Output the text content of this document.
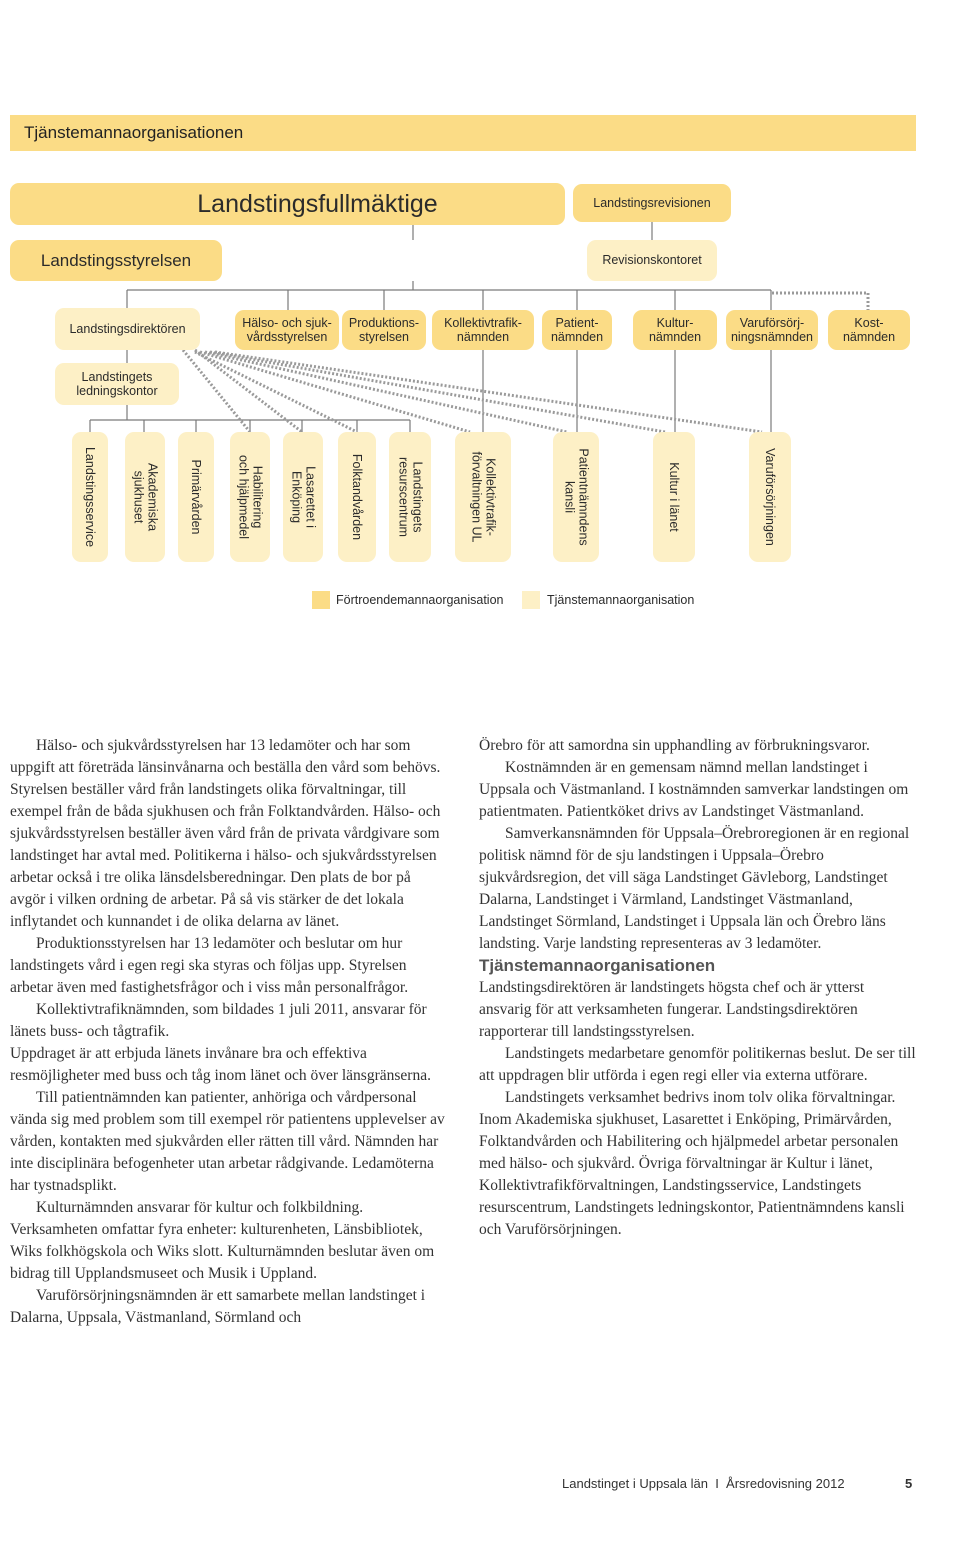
Tjänstemannaorganisationen
Landstingsfullmäktige	Landstingsrevisionen
Landstingsstyrelsen	Revisionskontoret
Landstingsdirektören	Hälso- och sjuk-
vårdsstyrelsen
Produktions-
styrelsen
Kollektivtrafik-
nämnden
Patient-
nämnden
Kultur-
nämnden
Varuförsörj-
ningsnämnden
Kost-
nämnden
Landstingets
ledningskontor
Landstingsservice	Akademiska
sjukhuset	Primärvården	Habilitering
och hjälpmedel	Lasarettet i
Enköping	Folktandvården	Landstingets
resurscentrum	Kollektivtrafik-
förvaltningen UL	Patientnämndens
kansli	Kultur i länet	Varuförsörjningen
Förtroendemannaorganisation	Tjänstemannaorganisation

Hälso- och sjukvårdsstyrelsen har 13 ledamöter och har som uppgift att företräda länsinvånarna och beställa den vård som behövs. Styrelsen beställer vård från landstingets olika förvaltningar, till exempel från de båda sjukhusen och från Folktandvården. Hälso- och sjukvårdsstyrelsen beställer även vård från de privata vårdgivare som landstinget har avtal med. Politikerna i hälso- och sjukvårdsstyrelsen arbetar också i tre olika länsdelsberedningar. Den plats de bor på avgör i vilken ordning de arbetar. På så vis stärker de det lokala inflytandet och kunnandet i de olika delarna av länet.

Produktionsstyrelsen har 13 ledamöter och beslutar om hur landstingets vård i egen regi ska styras och följas upp. Styrelsen arbetar även med fastighetsfrågor och i viss mån personalfrågor.

Kollektivtrafiknämnden, som bildades 1 juli 2011, ansvarar för länets buss- och tågtrafik.

Uppdraget är att erbjuda länets invånare bra och effektiva resmöjligheter med buss och tåg inom länet och över länsgränserna.

Till patientnämnden kan patienter, anhöriga och vårdpersonal vända sig med problem som till exempel rör patientens upplevelser av vården, kontakten med sjukvården eller rätten till vård. Nämnden har inte disciplinära befogenheter utan arbetar rådgivande. Ledamöterna har tystnadsplikt.

Kulturnämnden ansvarar för kultur och folkbildning. Verksamheten omfattar fyra enheter: kulturenheten, Länsbibliotek, Wiks folkhögskola och Wiks slott. Kulturnämnden beslutar även om bidrag till Upplandsmuseet och Musik i Uppland.

Varuförsörjningsnämnden är ett samarbete mellan landstinget i Dalarna, Uppsala, Västmanland, Sörmland och

Örebro för att samordna sin upphandling av förbrukningsvaror.

Kostnämnden är en gemensam nämnd mellan landstinget i Uppsala och Västmanland. I kostnämnden samverkar landstingen om patientmaten. Patientköket drivs av Landstinget Västmanland.

Samverkansnämnden för Uppsala–Örebroregionen är en regional politisk nämnd för de sju landstingen i Uppsala–Örebro sjukvårdsregion, det vill säga Landstinget Gävleborg, Landstinget Dalarna, Landstinget i Värmland, Landstinget Västmanland, Landstinget Sörmland, Landstinget i Uppsala län och Örebro läns landsting. Varje landsting representeras av 3 ledamöter.

Tjänstemannaorganisationen

Landstingsdirektören är landstingets högsta chef och är ytterst ansvarig för att verksamheten fungerar. Landstingsdirektören rapporterar till landstingsstyrelsen.

Landstingets medarbetare genomför politikernas beslut. De ser till att uppdragen blir utförda i egen regi eller via externa utförare.

Landstingets verksamhet bedrivs inom tolv olika förvaltningar. Inom Akademiska sjukhuset, Lasarettet i Enköping, Primärvården, Folktandvården och Habilitering och hjälpmedel arbetar personalen med hälso- och sjukvård. Övriga förvaltningar är Kultur i länet, Kollektivtrafikförvaltningen, Landstingsservice, Landstingets resurscentrum, Landstingets ledningskontor, Patientnämndens kansli och Varuförsörjningen.

Landstinget i Uppsala län  I  Årsredovisning 2012	5
